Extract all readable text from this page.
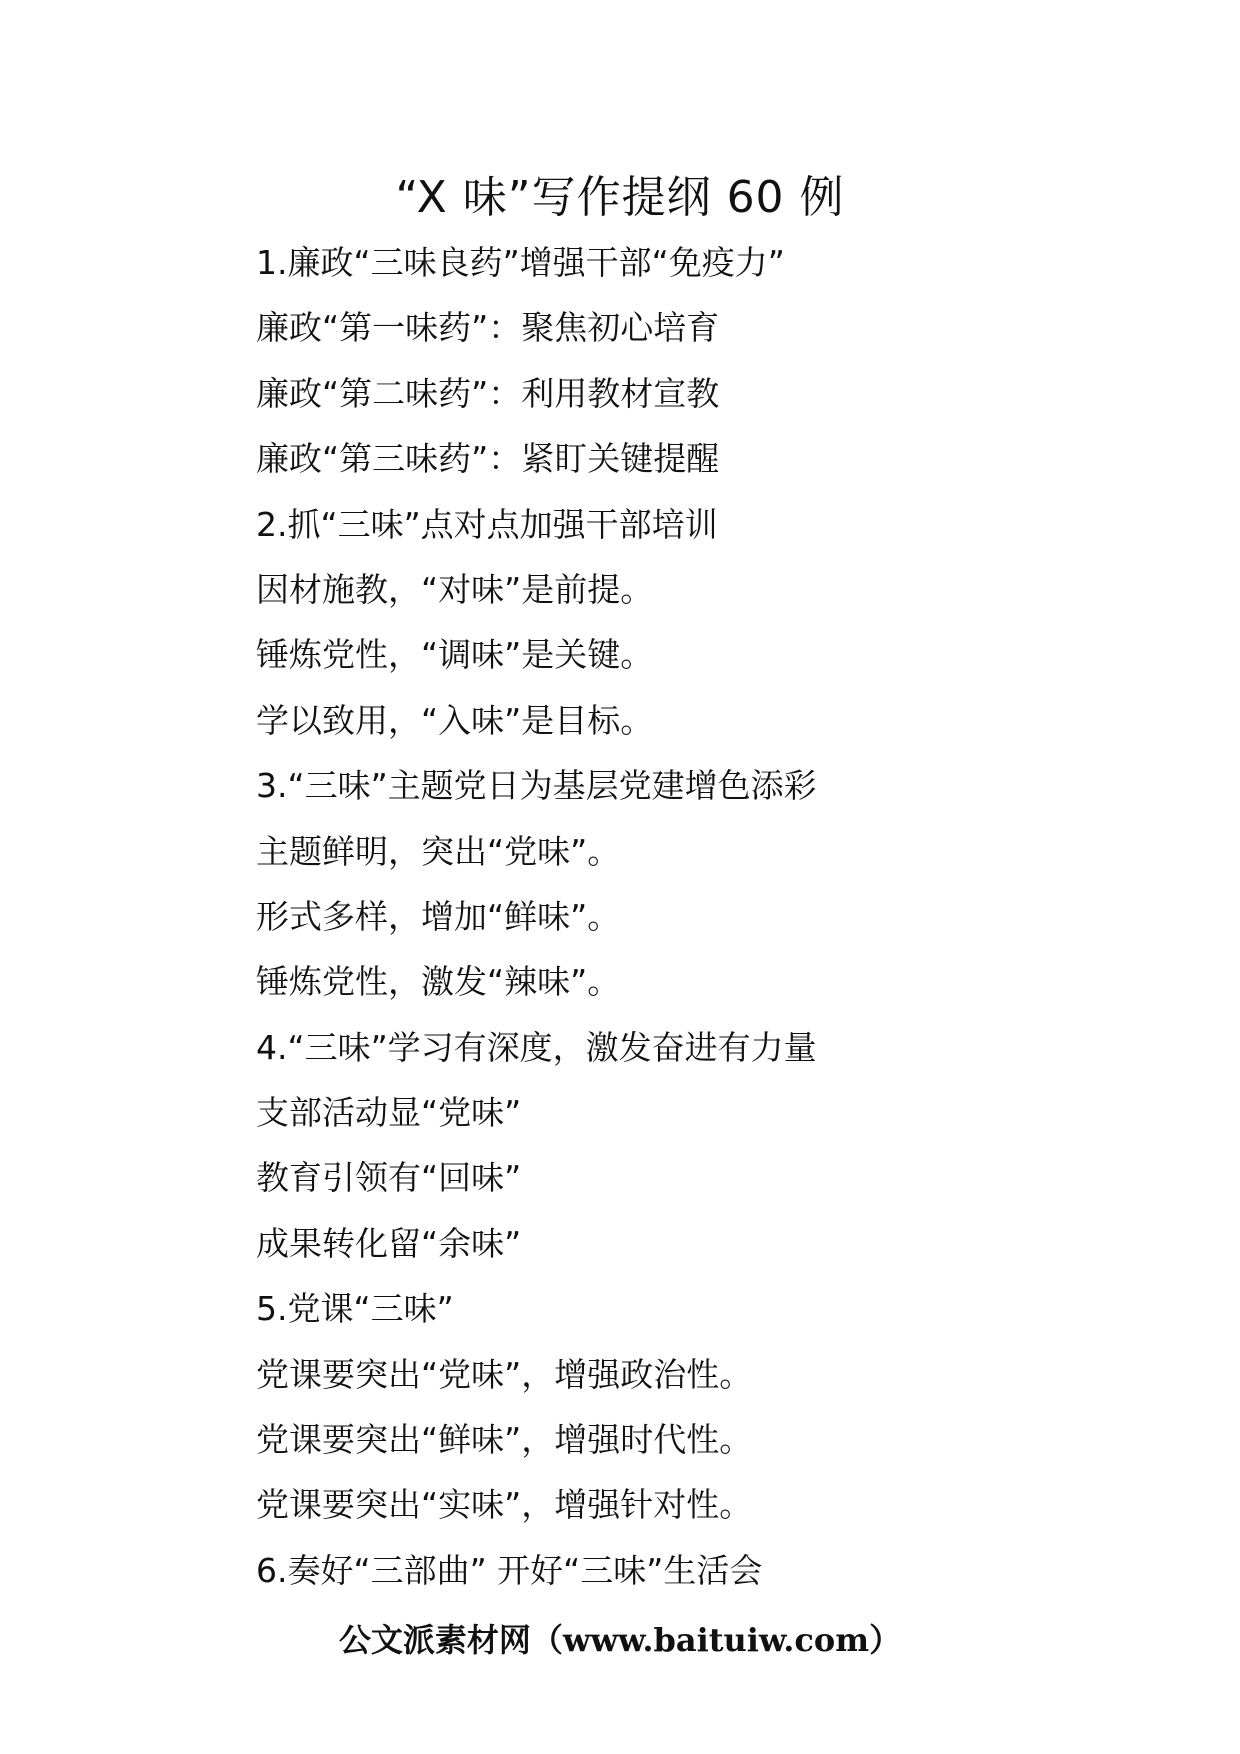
“X 味”写作提纲 60 例
1.廉政“三味良药”增强干部“免疫力”
廉政“第一味药”：聚焦初心培育
廉政“第二味药”：利用教材宣教
廉政“第三味药”：紧盯关键提醒
2.抓“三味”点对点加强干部培训
因材施教，“对味”是前提。
锤炼党性，“调味”是关键。
学以致用，“入味”是目标。
3.“三味”主题党日为基层党建增色添彩
主题鲜明，突出“党味”。
形式多样，增加“鲜味”。
锤炼党性，激发“辣味”。
4.“三味”学习有深度，激发奋进有力量
支部活动显“党味”
教育引领有“回味”
成果转化留“余味”
5.党课“三味”
党课要突出“党味”，增强政治性。
党课要突出“鲜味”，增强时代性。
党课要突出“实味”，增强针对性。
6.奏好“三部曲” 开好“三味”生活会
公文派素材网（www.baituiw.com）
